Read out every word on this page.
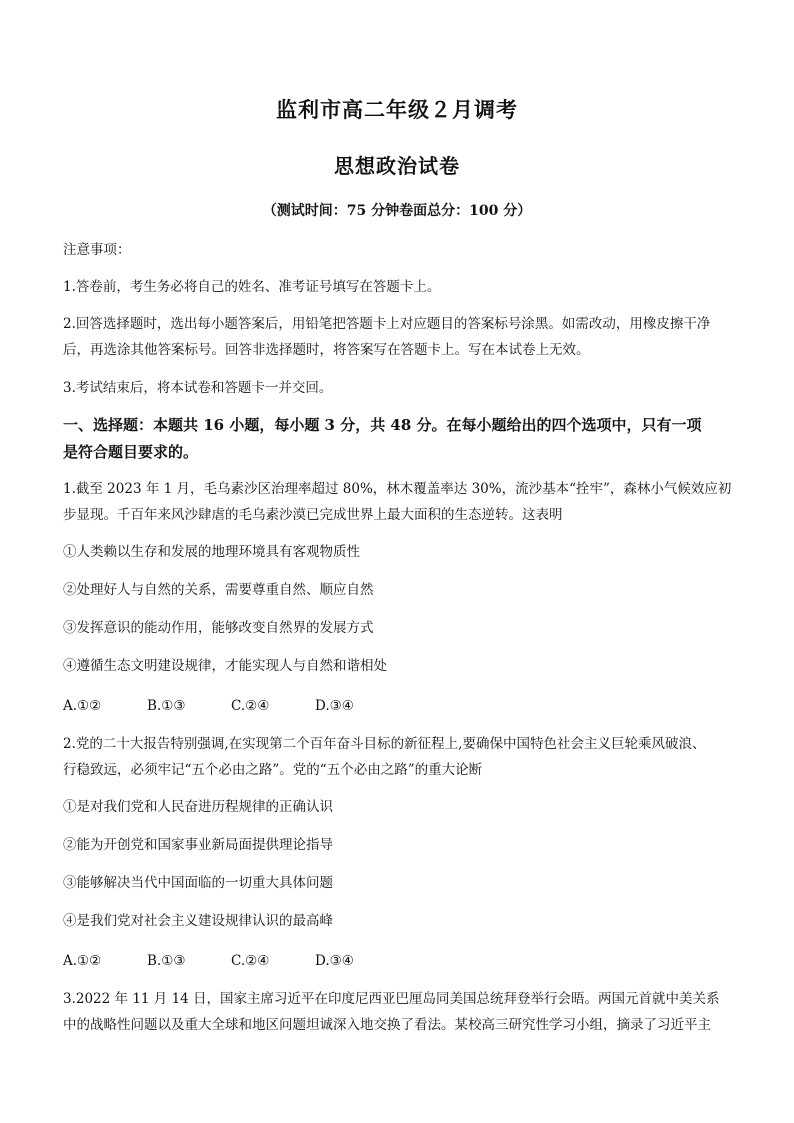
监利市高二年级２月调考
思想政治试卷
（测试时间：75 分钟卷面总分：100 分）
注意事项：
1.答卷前，考生务必将自己的姓名、准考证号填写在答题卡上。
2.回答选择题时，选出每小题答案后，用铅笔把答题卡上对应题目的答案标号涂黑。如需改动，用橡皮擦干净
后，再选涂其他答案标号。回答非选择题时，将答案写在答题卡上。写在本试卷上无效。
3.考试结束后，将本试卷和答题卡一并交回。
一、选择题：本题共 16 小题，每小题 3 分，共 48 分。在每小题给出的四个选项中，只有一项
是符合题目要求的。
1.截至 2023 年 1 月，毛乌素沙区治理率超过 80%，林木覆盖率达 30%，流沙基本“拴牢”，森林小气候效应初
步显现。千百年来风沙肆虐的毛乌素沙漠已完成世界上最大面积的生态逆转。这表明
①人类赖以生存和发展的地理环境具有客观物质性
②处理好人与自然的关系，需要尊重自然、顺应自然
③发挥意识的能动作用，能够改变自然界的发展方式
④遵循生态文明建设规律，才能实现人与自然和谐相处
A.①②	B.①③	C.②④	D.③④
2.党的二十大报告特别强调,在实现第二个百年奋斗目标的新征程上,要确保中国特色社会主义巨轮乘风破浪、
行稳致远，必须牢记“五个必由之路”。党的“五个必由之路”的重大论断
①是对我们党和人民奋进历程规律的正确认识
②能为开创党和国家事业新局面提供理论指导
③能够解决当代中国面临的一切重大具体问题
④是我们党对社会主义建设规律认识的最高峰
A.①②	B.①③	C.②④	D.③④
3.2022 年 11 月 14 日，国家主席习近平在印度尼西亚巴厘岛同美国总统拜登举行会晤。两国元首就中美关系
中的战略性问题以及重大全球和地区问题坦诚深入地交换了看法。某校高三研究性学习小组，摘录了习近平主
